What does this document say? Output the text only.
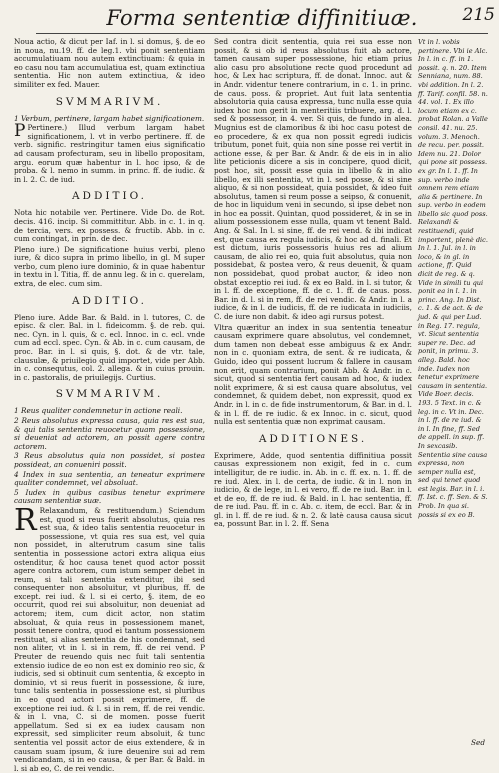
Forma sententiæ diffinitiuæ.	215

Noua actio, & dicut per Iaf. in l. si domus, §. de eo in noua, nu.19. ff. de leg.1. vbi ponit sententiam accumulatiuam nou autem extinctiuam: & quia in eo casu nou tam accumulatiua est, quam extinctiua sententia. Hic non autem extinctiua, & ideo similiter ex fed. Mauer.

SVMMARIVM.

1 Verbum, pertinere, largam habet significationem.

P Pertinere.) Illud verbum largam habet significationem, l. vt in verbo pertinere. ff. de verb. signific. restringitur tamen eius significatio ad causam profecturam, seu in libello propositam, argu. eorum quæ habentur in l. hoc ipso, & de proba. & l. nemo in summ. in princ. ff. de iudic. & in l. 2. C. de iud.

ADDITIO.

Nota hic notabile ver. Pertinere. Vide Do. de Rot. decis. 416. incip. Si committitur. Abb. in c. 1. in q. de tercia, vers. ex possess. & fructib. Abb. in c. cum contingat, in prin. de dec.

Pleno iure.) De significatione huius verbi, pleno iure, & dico supra in primo libello, in gl. M super verbo, cum pleno iure dominio, & in quae habentur in textu in l. Titia, ff. de annu leg. & in c. querelam, extra, de elec. cum sim.

ADDITIO.

Pleno iure. Adde Bar. & Bald. in l. tutores, C. de episc. & cler. Bal. in l. fideicomm. §. de reb. qui. nec. Cyn. in l. quis, & c. ecl. Innoc. in c. ecl. vnde cum ad eccl. spec. Cyn. & Ab. in c. cum causam, de proc. Bar. in l. si quis, §. dot. & de vtr. tale, clausulæ, & priuilegio quid importet, vide per Abb. in c. consequtus, col. 2. allega. & in cuius prouin. in c. pastoralis, de priuilegijs. Curtius.

SVMMARIVM.

1 Reus qualiter condemnetur in actione reali.

2 Reus absolutus expressa causa, quia res est sua, & qui talis sententia reuocetur quam possessione, si deueniat ad actorem, an possit agere contra actorem.

3 Reus absolutus quia non possidet, si postea possideat, an conueniri possit.

4 Index in sua sententia, an teneatur exprimere qualiter condemnet, vel absoluat.

5 Iudex in quibus casibus tenetur exprimere causam sententiæ suæ.

R Relaxandum, & restituendum.) Sciendum est, quod si reus fuerit absolutus, quia res est sua, & ideo talis sententia reuocetur in possessione, vt quia res sua est, vel quia non possidet, in alterutrum casum sine talis sententia in possessione actori extra aliqua eius ostenditur, & hoc causa tenet quod actor possit agere contra actorem, cum istum semper debet in reum, si tali sententia extenditur, ibi sed consequenter non absoluitur, vt pluribus, ff. de except. rei iud. & l. si ei certo, §. item, de eo occurrit, quod rei sui absoluitur, non deueniat ad actorem; item, cum dicit actor, non statim absoluat, & quia reus in possessionem manet, possit tenere contra, quod ei tantum possessionem restituat, si alias sententia de his condemnat, sed non aliter, vt in l. si in rem, ff. de rei vend. P Preuter de reuendo quis nec fuit tali sententia extensio iudice de eo non est ex dominio reo sic, & iudicis, sed si obtinuit cum sententia, & excepto in dominio, vt si reus fuerit in possessione, & iure, tunc talis sententia in possessione est, si pluribus in eo quod actori possit exprimere, ff. de exceptione rei iud. & l. si in rem, ff. de rei vendic. & in l. vna, C. si de momen. posse fuerit appellatum. Sed si ex ea iudex causam non expressit, sed simpliciter reum absoluit, & tunc sententia vel possit actor de eius extendere, & in causam suam ipsum, & iure deuenire sui ad rem vendicandam, si in eo causa, & per Bar. & Bald. in l. si ab eo, C. de rei vendic.

Sed contra dicit sententia, quia rei sua esse non possit, & si ob id reus absolutus fuit ab actore, tamen causam super possessione, hic etiam prius alio casu pro absolutione recte quod procedunt ad hoc, & Lex hac scriptura, ff. de donat. Innoc. aut & in Andr. videntur tenere contrarium, in c. 1. in princ. de caus. poss. & propriet. Aut fuit lata sententia absolutoria quia causa expressa, tunc nulla esse quia iudex hoc non gerit in menteritiis tribuere, arg. d. l. sed & possessor, in 4. ver. Si quis, de fundo in alea. Mugnius est de clamoribus & ibi hoc casu potest de eo procedere, & ex qua non possit egredi iudicis tributum, ponet fuit, quia non sine posse rei vertit in actione esse, & per Bar. & Andr. & de eis in in alio lite peticionis dicere a sis in concipere, quod dicit, post hoc, sit, possit esse quia in libello & in alio libello, ex illi sententia, vt in l. sed posse, & si sine aliquo, & si non possideat, quia possidet, & ideo fuit absolutus, tamen si reum posse a seipso, & conuenit, de hoc in liquidum veni in secundo, si ipse debet non in hoc ea possit. Quintan, quod possideret, & in se in alium possessionem esse nulla, quam vt tenent Bald. Ang. & Sal. In l. si sine, ff. de rei vend. & ibi indicat est, que causa ex regula iudicis, & hoc ad d. finali. Et est dictum, iuris possessoris huius res ad alium causam, de alio rei eo, quia fuit absolutus, quia non possidebat, & postea vero, & reus deuenit, & quam non possidebat, quod probat auctor, & ideo non obstat exceptio rei iud. & ex eo Bald. in l. si tutor, & in l. ff. de exceptione, ff. de c. 1. ff. de caus. poss. Bar. in d. l. si in rem, ff. de rei vendic. & Andr. in l. a iudice, & in l. de iudicis, ff. de re iudicata in iudiciis, C. de iure non dabit. & ideo agi rursus potest.

Vltra quæritur an index in sua sententia teneatur causam exprimere quare absolutus, vel condemnet, dum tamen non debeat esse ambiguus & ex Andr. non in c. quoniam extra, de sent. & re iudicata, & Guido, ideo qui possent lucrum & fallere in causam non erit, quam contrarium, ponit Abb. & Andr. in c. sicut, quod si sententia fert causam ad hoc, & iudex nolit exprimere, & si est causa quare absolutus, vel condemnet, & quidem debet, non expressit, quod ex Andr. in l. in c. de fide instrumentorum, & Bar. in d. l. & in l. ff. de re iudic. & ex Innoc. in c. sicut, quod nulla est sententia quæ non exprimat causam.

ADDITIONES.

Exprimere, Adde, quod sententia diffinitiua possit causas expressionem non exigit, fed in c. cum intelligitur, de re iudic. in. Ab. in c. ff. ex. n. 1. ff. de re iud. Alex. in l. de certa, de iudic. & in l. non in iudicio, & de lege, in l. ei vero, ff. de re iud. Bar. in l. et de eo, ff. de re iud. & Bald. in l. hac sententia, ff. de re iud. Pau. ff. in c. Ab. c. item, de eccl. Bar. & in gl. in l. ff. de re iud. & n. 2. & latè causa causa sicut ea, possunt Bar. in l. 2. ff. Sena

Vt in l. vobis pertinere. Vbi ie Alc. In l. in c. ff. in 1. possit. q. n. 20. Item Senniana, num. 88. vbi addition. In l. 2. ff. Tarif. confil. 58. n. 44. vol. 1. Ex illo locum etiam ex c. probat Rolan. a Valle consil. 41. nu. 25. volum. 3. Menoch. de recu. per. possit. Idem nu. 21. Dolor qui pone sit possess. ex gr. In l. 1. ff. In sup. verbo inde omnem rem etiam alia & pertinere. In sup. verbo in eodem libello sic quod poss. Relaxandi & restituendi, quid importent, plenè dic. In l. 1. Jul. in l. in loco, & in gl. in actione, ff. Quid dicit de reg. & q. Vide in simili tu qui ponit ea in l. 1. in princ. Ang. In Dist. c. 1. & de act. & de jud. & qui per Lud. in Reg. 17. regula, vt. Sicut sententia super re. Dec. ad ponit, in primu. 3. alleg. Bald. hoc inde. Iudex non tenetur exprimere causam in sententia. Vide Boer. decis. 193. 5 Text. in c. & leg. in c. Vt in. Dec. in l. ff. de re iud. & in l. In fine, ff. Sed de appell. in sup. ff. In sexcasib. Sententia sine causa expressa, non semper nulla est, sed qui tenet quod est legis. Bar. in l. i. ff. Ist. c. ff. Sen. & S. Prob. In qua si. possis si ex eo B.

Sed
